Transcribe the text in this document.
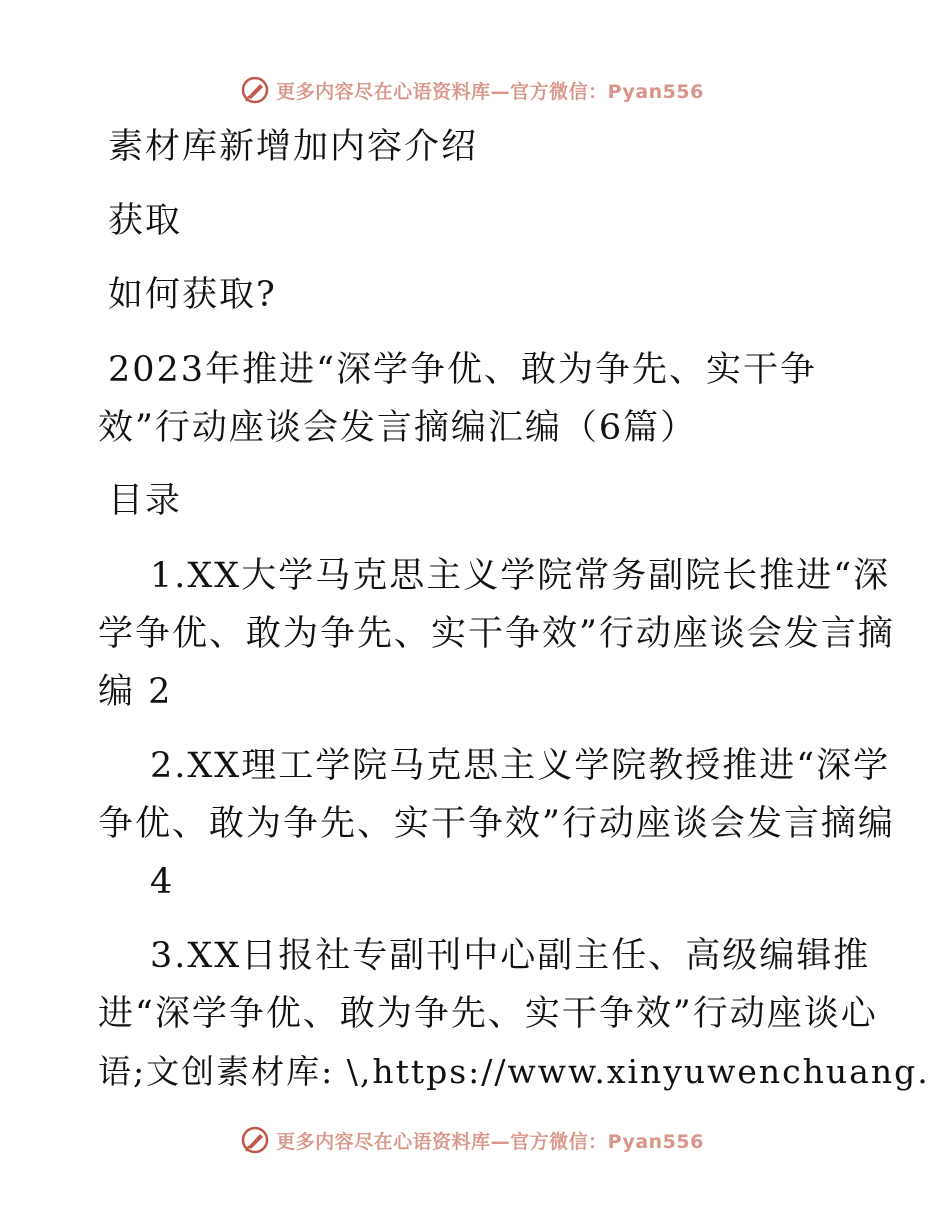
更多内容尽在心语资料库—官方微信：Pyan556
素材库新增加内容介绍
获取
如何获取?
2023年推进“深学争优、敢为争先、实干争
效”行动座谈会发言摘编汇编（6篇）
目录
1.XX大学马克思主义学院常务副院长推进“深
学争优、敢为争先、实干争效”行动座谈会发言摘
编 2
2.XX理工学院马克思主义学院教授推进“深学
争优、敢为争先、实干争效”行动座谈会发言摘编
4
3.XX日报社专副刊中心副主任、高级编辑推
进“深学争优、敢为争先、实干争效”行动座谈心
语;文创素材库: \,https://www.xinyuwenchuang.
更多内容尽在心语资料库—官方微信：Pyan556
